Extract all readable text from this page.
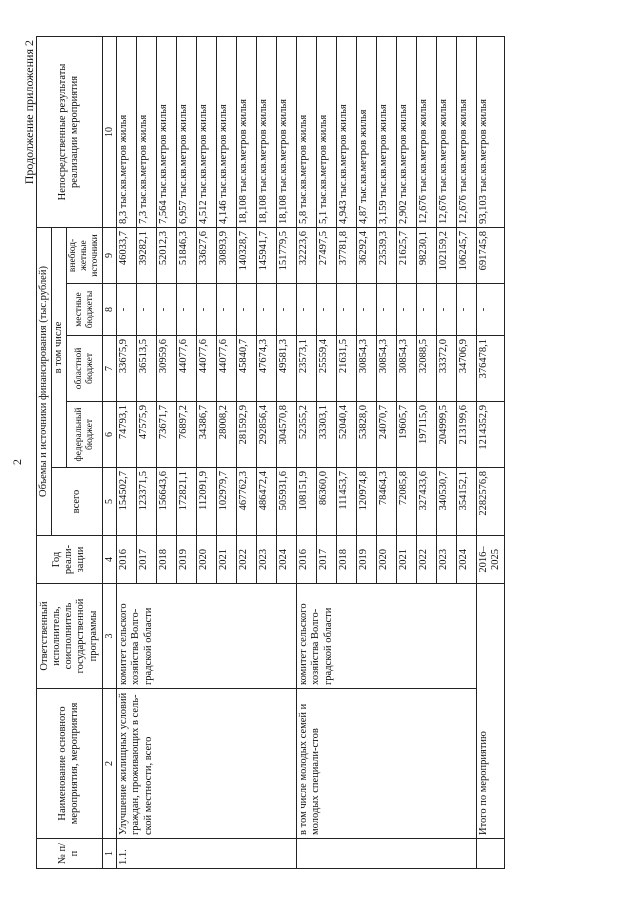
2
Продолжение приложения 2
№ п/п	Наименование основного мероприятия, мероприятия	Ответственный исполнитель, соисполнитель государственной программы	Год реали-зации	Объемы и источники финансирования (тыс.рублей)					Непосредственные результаты реализации мероприятия
				всего	в том числе				
					федеральный бюджет	областной бюджет	местные бюджеты	внебюд-жетные источники	
1	2	3	4	5	6	7	8	9	10
1.1.	Улучшение жилищных условий граждан, проживающих в сель-ской местности, всего	комитет сельского хозяйства Волго-градской области	2016	154502,7	74793,1	33675,9	-	46033,7	8,3 тыс.кв.метров жилья
			2017	123371,5	47575,9	36513,5	-	39282,1	7,3 тыс.кв.метров жилья
			2018	156643,6	73671,7	30959,6	-	52012,3	7,564 тыс.кв.метров жилья
			2019	172821,1	76897,2	44077,6	-	51846,3	6,957 тыс.кв.метров жилья
			2020	112091,9	34386,7	44077,6	-	33627,6	4,512 тыс.кв.метров жилья
			2021	102979,7	28008,2	44077,6	-	30893,9	4,146 тыс.кв.метров жилья
			2022	467762,3	281592,9	45840,7	-	140328,7	18,108 тыс.кв.метров жилья
			2023	486472,4	292856,4	47674,3	-	145941,7	18,108 тыс.кв.метров жилья
			2024	505931,6	304570,8	49581,3	-	151779,5	18,108 тыс.кв.метров жилья
	в том числе молодых семей и молодых специали-стов	комитет сельского хозяйства Волго-градской области	2016	108151,9	52355,2	23573,1	-	32223,6	5,8 тыс.кв.метров жилья
			2017	86360,0	33303,1	25559,4	-	27497,5	5,1 тыс.кв.метров жилья
			2018	111453,7	52040,4	21631,5	-	37781,8	4,943 тыс.кв.метров жилья
			2019	120974,8	53828,0	30854,3	-	36292,4	4,87 тыс.кв.метров жилья
			2020	78464,3	24070,7	30854,3	-	23539,3	3,159 тыс.кв.метров жилья
			2021	72085,8	19605,7	30854,3	-	21625,7	2,902 тыс.кв.метров жилья
			2022	327433,6	197115,0	32088,5	-	98230,1	12,676 тыс.кв.метров жилья
			2023	340530,7	204999,5	33372,0	-	102159,2	12,676 тыс.кв.метров жилья
			2024	354152,1	213199,6	34706,9	-	106245,7	12,676 тыс.кв.метров жилья
	Итого по мероприятию		2016–2025	2282576,8	1214352,9	376478,1	-	691745,8	93,103 тыс.кв.метров жилья
